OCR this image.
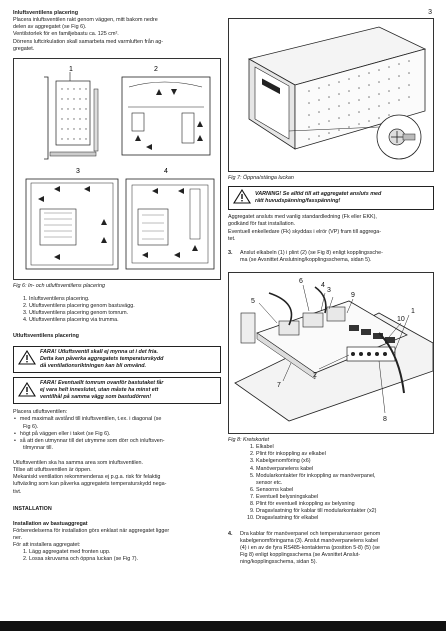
3

Inluftsventilens placering

Placera inluftsventilen rakt genom väggen, mitt bakom nedre

delen av aggregatet (se Fig 6).

Ventilstorlek för en familjebastu ca. 125 cm².

Dörrens luftcirkulation skall samarbeta med varmluften från ag-

gregatet.

1	2
3	4

Fig 6: In- och utluftsventilens placering

1. Inluftsventilens placering.
2. Utluftsventilens placering genom bastuvägg.
3. Utluftsventilens placering genom tomrum.
4. Utluftsventilens placering via trumma.

Utluftsventilens placering

FARA! Utluftsventil skall ej mynna ut i det fria.

Detta kan påverka aggregatets temperaturskydd

då ventilationsriktningen kan bli omvänd.

FARA! Eventuellt tomrum ovanför bastutaket får

ej vara helt inneslutet, utan måste ha minst ett

ventilhål på samma vägg som bastudörren!

Placera utluftsventilen:

• med maximalt avstånd till inluftsventilen, t.ex. i diagonal (se
Fig 6).
• högt på väggen eller i taket (se Fig 6).
• så att den utmynnar till det utrymme som dörr och inluftsven-
tilmynnar till.

Utluftsventilen ska ha samma area som inluftsventilen.

Tillse att utluftsventilen är öppen.

Mekaniskt ventilation rekommenderas ej p.g.a. risk för felaktig

luftväxling som kan påverka aggregatets temperaturskydd nega-

tivt.

INSTALLATION

Installation av bastuaggregat

Förberedelserna för installation görs enklast när aggregatet ligger

ner.

För att installera aggregatet:

1. Lägg aggregatet med fronten upp.
2. Lossa skruvarna och öppna luckan (se Fig 7).

Fig 7: Öppna/stänga luckan

VARNING! Se alltid till att aggregatet ansluts med

rätt huvudspänning/fasspänning!

Aggregatet ansluts med vanlig standardledning (Fk eller EKK),

godkänd för fast installation.

Eventuell enkelledare (Fk) skyddas i elrör (VP) fram till aggrega-

tet.

3.	Anslut elkabeln (1) i plint (2) (se Fig 8) enligt kopplingssche-

ma (se Avsnittet Anslutning/kopplingsschema, sidan 5).

1
2
3
4
5
6
7
8
9
10

Fig 8: Kretskortet

1. Elkabel
2. Plint för inkoppling av elkabel
3. Kabelgenomföring (x6)
4. Manöverpanelens kabel
5. Modularkontakter för inkoppling av manöverpanel,
sensor etc.
6. Sensorns kabel
7. Eventuell belysningskabel
8. Plint för eventuell inkoppling av belysning
9. Dragavlastning för kablar till modularkontakter (x2)
10. Dragavlastning för elkabel
4.	Dra kablar för manöverpanel och temperatursensor genom

kabelgenomföringarna (3). Anslut manöverpanelens kabel

(4) i en av de fyra RS485-kontakterna (position 5-8) (5) (se

Fig 8) enligt kopplingsschema (se Avsnittet Anslut-

ning/kopplingsschema, sidan 5).
